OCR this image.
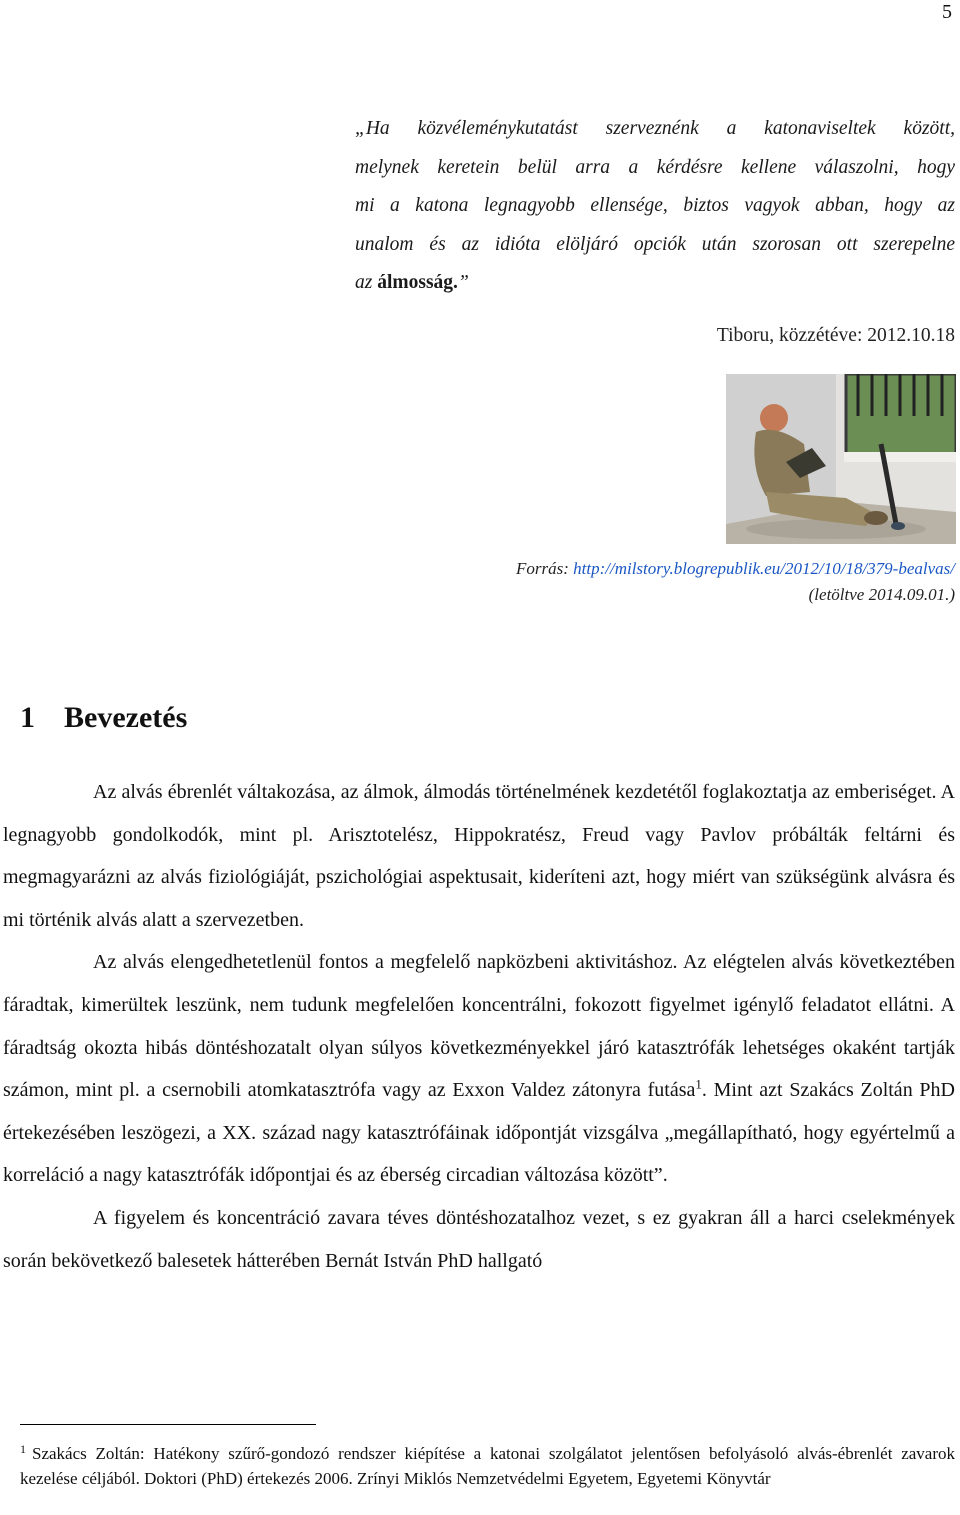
5
„Ha közvéleménykutatást szerveznénk a katonaviseltek között,
melynek keretein belül arra a kérdésre kellene válaszolni, hogy
mi a katona legnagyobb ellensége, biztos vagyok abban, hogy az
unalom és az idióta elöljáró opciók után szorosan ott szerepelne
az álmosság.”
Tiboru, közzétéve: 2012.10.18
Forrás: http://milstory.blogrepublik.eu/2012/10/18/379-bealvas/
(letöltve 2014.09.01.)
1 Bevezetés

Az alvás ébrenlét váltakozása, az álmok, álmodás történelmének kezdetétől foglakoztatja az emberiséget. A legnagyobb gondolkodók, mint pl. Arisztotelész, Hippokratész, Freud vagy Pavlov próbálták feltárni és megmagyarázni az alvás fiziológiáját, pszichológiai aspektusait, kideríteni azt, hogy miért van szükségünk alvásra és mi történik alvás alatt a szervezetben.

Az alvás elengedhetetlenül fontos a megfelelő napközbeni aktivitáshoz. Az elégtelen alvás következtében fáradtak, kimerültek leszünk, nem tudunk megfelelően koncentrálni, fokozott figyelmet igénylő feladatot ellátni. A fáradtság okozta hibás döntéshozatalt olyan súlyos következményekkel járó katasztrófák lehetséges okaként tartják számon, mint pl. a csernobili atomkatasztrófa vagy az Exxon Valdez zátonyra futása$^1$. Mint azt Szakács Zoltán PhD értekezésében leszögezi, a XX. század nagy katasztrófáinak időpontját vizsgálva „megállapítható, hogy egyértelmű a korreláció a nagy katasztrófák időpontjai és az éberség circadian változása között”.

A figyelem és koncentráció zavara téves döntéshozatalhoz vezet, s ez gyakran áll a harci cselekmények során bekövetkező balesetek hátterében Bernát István PhD hallgató

$^1$ Szakács Zoltán: Hatékony szűrő-gondozó rendszer kiépítése a katonai szolgálatot jelentősen befolyásoló alvás-ébrenlét zavarok kezelése céljából. Doktori (PhD) értekezés 2006. Zrínyi Miklós Nemzetvédelmi Egyetem, Egyetemi Könyvtár
